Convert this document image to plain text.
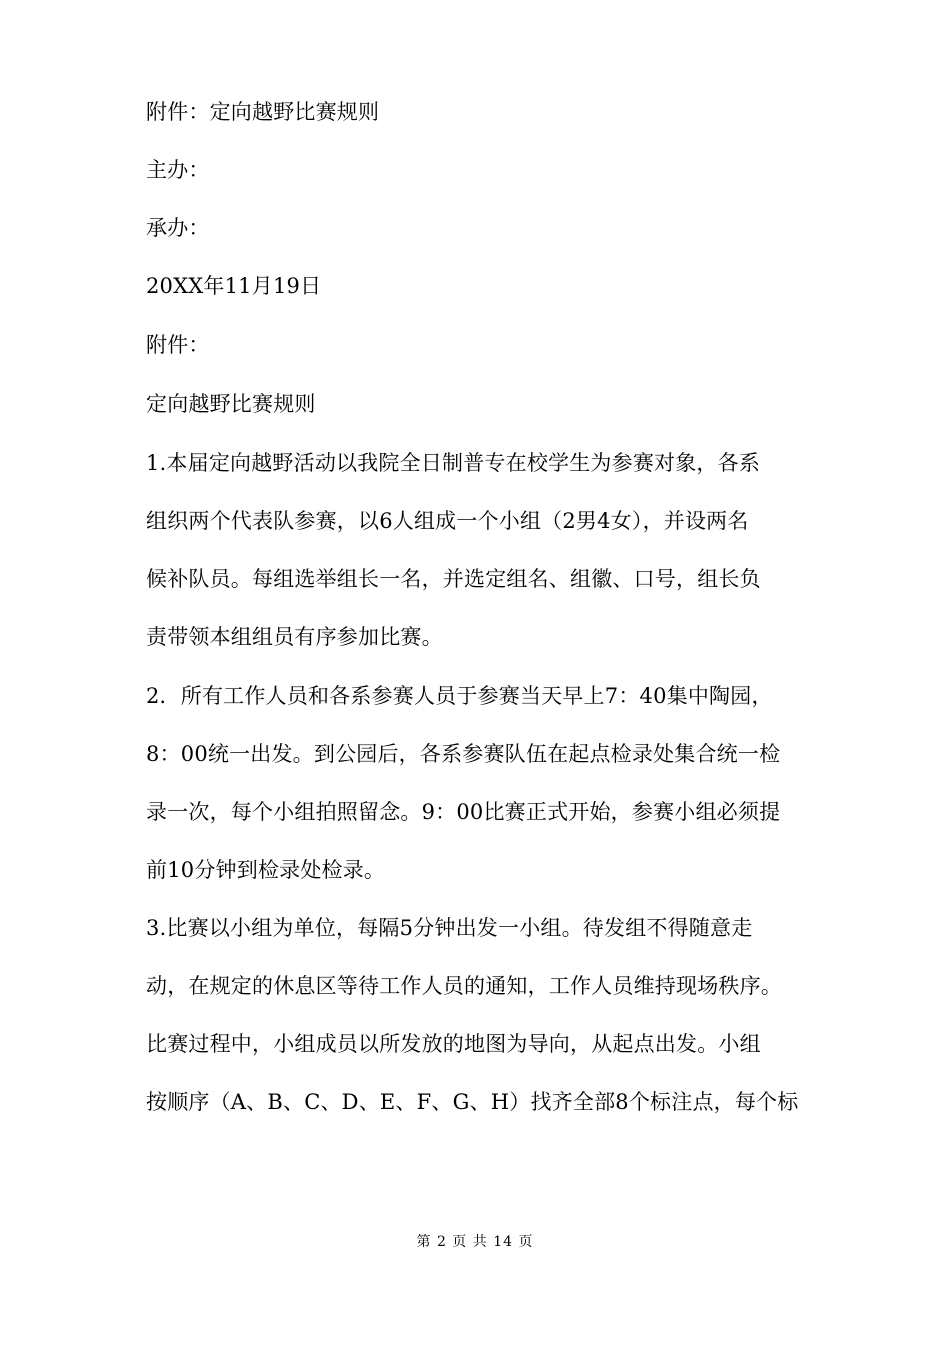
附件：定向越野比赛规则
主办：
承办：
20XX年11月19日
附件：
定向越野比赛规则
1.本届定向越野活动以我院全日制普专在校学生为参赛对象，各系
组织两个代表队参赛，以6人组成一个小组（2男4女），并设两名
候补队员。每组选举组长一名，并选定组名、组徽、口号，组长负
责带领本组组员有序参加比赛。
2．所有工作人员和各系参赛人员于参赛当天早上7：40集中陶园，
8：00统一出发。到公园后，各系参赛队伍在起点检录处集合统一检
录一次，每个小组拍照留念。9：00比赛正式开始，参赛小组必须提
前10分钟到检录处检录。
3.比赛以小组为单位，每隔5分钟出发一小组。待发组不得随意走
动，在规定的休息区等待工作人员的通知，工作人员维持现场秩序。
比赛过程中，小组成员以所发放的地图为导向，从起点出发。小组
按顺序（A、B、C、D、E、F、G、H）找齐全部8个标注点，每个标
第 2 页 共 14 页
